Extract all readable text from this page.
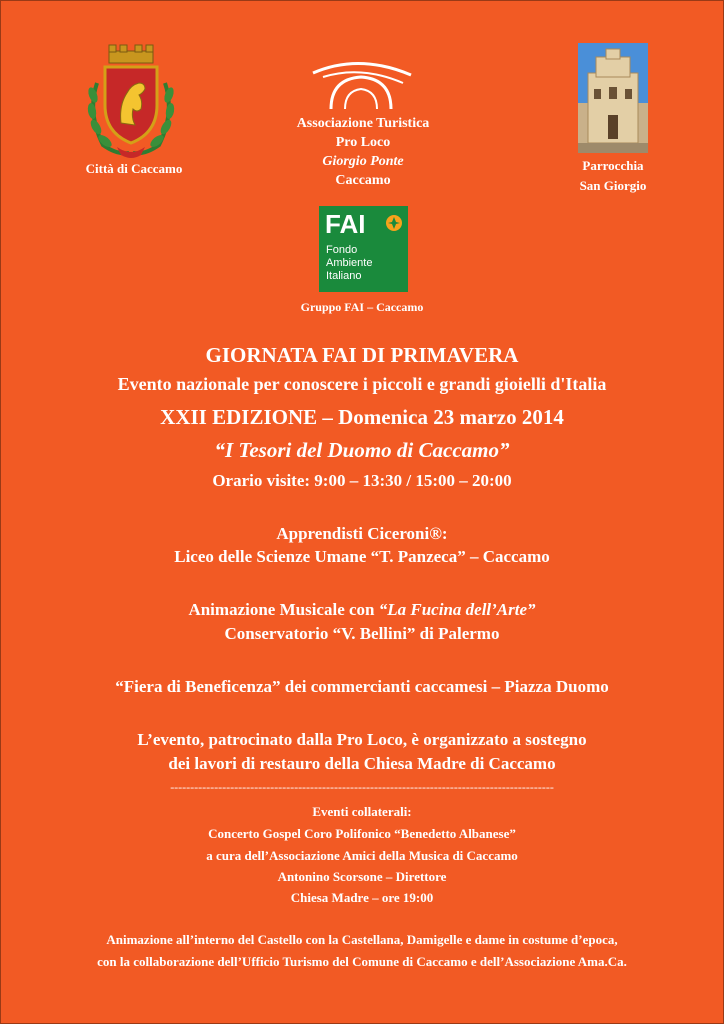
Città di Caccamo
Associazione Turistica
Pro Loco
Giorgio Ponte
Caccamo
Parrocchia
San Giorgio
FAI
Fondo
Ambiente
Italiano
Gruppo FAI – Caccamo
GIORNATA FAI DI PRIMAVERA
Evento nazionale per conoscere i piccoli e grandi gioielli d'Italia
XXII EDIZIONE – Domenica 23 marzo 2014
“I Tesori del Duomo di Caccamo”
Orario visite: 9:00 – 13:30 / 15:00 – 20:00
Apprendisti Ciceroni®:
Liceo delle Scienze Umane “T. Panzeca” – Caccamo
Animazione Musicale con “La Fucina dell’Arte”
Conservatorio “V. Bellini” di Palermo
“Fiera di Beneficenza” dei commercianti caccamesi – Piazza Duomo
L’evento, patrocinato dalla Pro Loco, è organizzato a sostegno
dei lavori di restauro della Chiesa Madre di Caccamo
------------------------------------------------------------------------------------------------
Eventi collaterali:
Concerto Gospel Coro Polifonico “Benedetto Albanese”
a cura dell’Associazione Amici della Musica di Caccamo
Antonino Scorsone – Direttore
Chiesa Madre – ore 19:00
Animazione all’interno del Castello con la Castellana, Damigelle e dame in costume d’epoca,
con la collaborazione dell’Ufficio Turismo del Comune di Caccamo e dell’Associazione Ama.Ca.
